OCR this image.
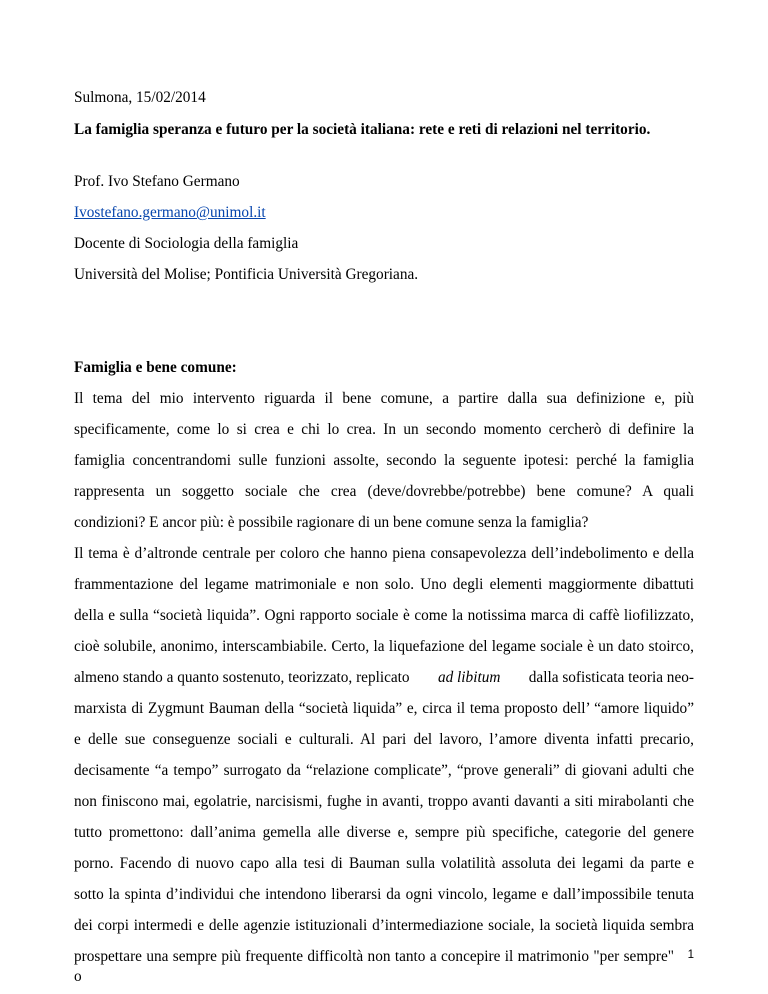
Sulmona, 15/02/2014
La famiglia speranza e futuro per la società italiana: rete e reti di relazioni nel territorio.
Prof. Ivo Stefano Germano
Ivostefano.germano@unimol.it
Docente di Sociologia della famiglia
Università del Molise; Pontificia Università Gregoriana.
Famiglia e bene comune:
Il tema del mio intervento riguarda il bene comune, a partire dalla sua definizione e, più
specificamente, come lo si crea e chi lo crea. In un secondo momento cercherò di definire la
famiglia concentrandomi sulle funzioni assolte, secondo la seguente ipotesi: perché la famiglia
rappresenta un soggetto sociale che crea (deve/dovrebbe/potrebbe) bene comune? A quali
condizioni? E ancor più: è possibile ragionare di un bene comune senza la famiglia?
Il tema è d’altronde centrale per coloro che hanno piena consapevolezza dell’indebolimento e della
frammentazione del legame matrimoniale e non solo. Uno degli elementi maggiormente dibattuti
della e sulla “società liquida”. Ogni rapporto sociale è come la notissima marca di caffè liofilizzato,
cioè solubile, anonimo, interscambiabile. Certo, la liquefazione del legame sociale è un dato stoirco,
almeno stando a quanto sostenuto, teorizzato, replicato ad libitum dalla sofisticata teoria neo-
marxista di Zygmunt Bauman della “società liquida” e, circa il tema proposto dell’ “amore liquido”
e delle sue conseguenze sociali e culturali. Al pari del lavoro, l’amore diventa infatti precario,
decisamente “a tempo” surrogato da “relazione complicate”, “prove generali” di giovani adulti che
non finiscono mai, egolatrie, narcisismi, fughe in avanti, troppo avanti davanti a siti mirabolanti che
tutto promettono: dall’anima gemella alle diverse e, sempre più specifiche, categorie del genere
porno. Facendo di nuovo capo alla tesi di Bauman sulla volatilità assoluta dei legami da parte e
sotto la spinta d’individui che intendono liberarsi da ogni vincolo, legame e dall’impossibile tenuta
dei corpi intermedi e delle agenzie istituzionali d’intermediazione sociale, la società liquida sembra
prospettare una sempre più frequente difficoltà non tanto a concepire il matrimonio "per sempre" o
1
